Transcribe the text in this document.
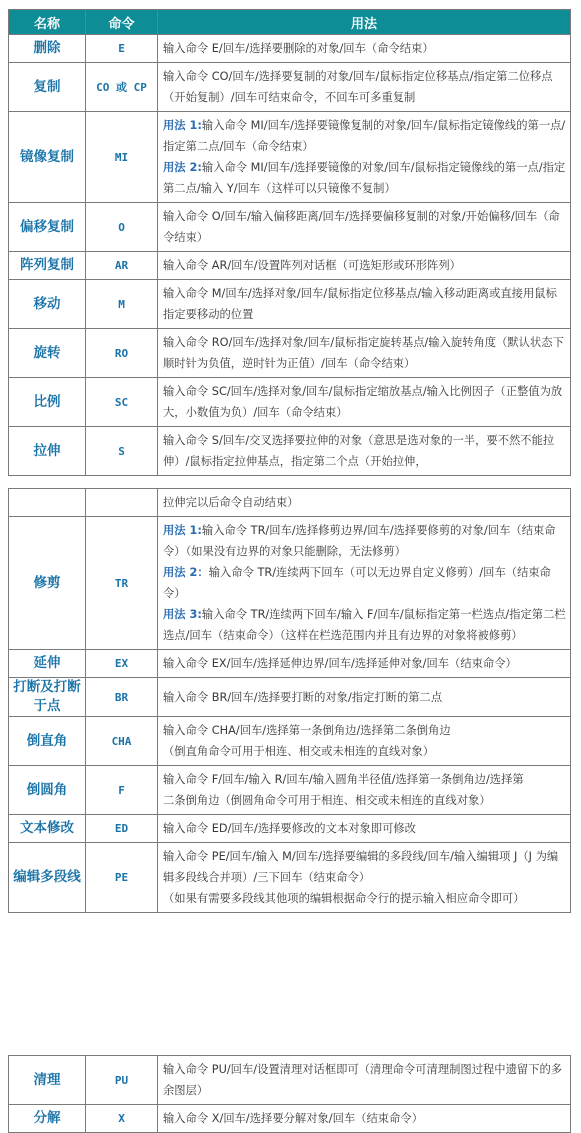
名称	命令	用法
删除	E	输入命令 E/回车/选择要删除的对象/回车（命令结束）

复制	CO 或 CP	输入命令 CO/回车/选择要复制的对象/回车/鼠标指定位移基点/指定第二位移点（开始复制）/回车可结束命令，不回车可多重复制

镜像复制	MI	用法 1:输入命令 MI/回车/选择要镜像复制的对象/回车/鼠标指定镜像线的第一点/指定第二点/回车（命令结束）
用法 2:输入命令 MI/回车/选择要镜像的对象/回车/鼠标指定镜像线的第一点/指定第二点/输入 Y/回车（这样可以只镜像不复制）

偏移复制	O	输入命令 O/回车/输入偏移距离/回车/选择要偏移复制的对象/开始偏移/回车（命令结束）

阵列复制	AR	输入命令 AR/回车/设置阵列对话框（可选矩形或环形阵列）

移动	M	输入命令 M/回车/选择对象/回车/鼠标指定位移基点/输入移动距离或直接用鼠标指定要移动的位置

旋转	RO	输入命令 RO/回车/选择对象/回车/鼠标指定旋转基点/输入旋转角度（默认状态下顺时针为负值，逆时针为正值）/回车（命令结束）

比例	SC	输入命令 SC/回车/选择对象/回车/鼠标指定缩放基点/输入比例因子（正整值为放大，小数值为负）/回车（命令结束）

拉伸	S	输入命令 S/回车/交叉选择要拉伸的对象（意思是选对象的一半，要不然不能拉伸）/鼠标指定拉伸基点，指定第二个点（开始拉伸，

		拉伸完以后命令自动结束）

修剪	TR	用法 1:输入命令 TR/回车/选择修剪边界/回车/选择要修剪的对象/回车（结束命令）（如果没有边界的对象只能删除，无法修剪）
用法 2：输入命令 TR/连续两下回车（可以无边界自定义修剪）/回车（结束命令）
用法 3:输入命令 TR/连续两下回车/输入 F/回车/鼠标指定第一栏选点/指定第二栏选点/回车（结束命令）（这样在栏选范围内并且有边界的对象将被修剪）

延伸	EX	输入命令 EX/回车/选择延伸边界/回车/选择延伸对象/回车（结束命令）

打断及打断于点	BR	输入命令 BR/回车/选择要打断的对象/指定打断的第二点

倒直角	CHA	输入命令 CHA/回车/选择第一条倒角边/选择第二条倒角边
（倒直角命令可用于相连、相交或未相连的直线对象）

倒圆角	F	输入命令 F/回车/输入 R/回车/输入圆角半径值/选择第一条倒角边/选择第
二条倒角边（倒圆角命令可用于相连、相交或未相连的直线对象）

文本修改	ED	输入命令 ED/回车/选择要修改的文本对象即可修改

编辑多段线	PE	输入命令 PE/回车/输入 M/回车/选择要编辑的多段线/回车/输入编辑项 J（J 为编辑多段线合并项）/三下回车（结束命令）
（如果有需要多段线其他项的编辑根据命令行的提示输入相应命令即可）
清理	PU	输入命令 PU/回车/设置清理对话框即可（清理命令可清理制图过程中遗留下的多余图层）

分解	X	输入命令 X/回车/选择要分解对象/回车（结束命令）
